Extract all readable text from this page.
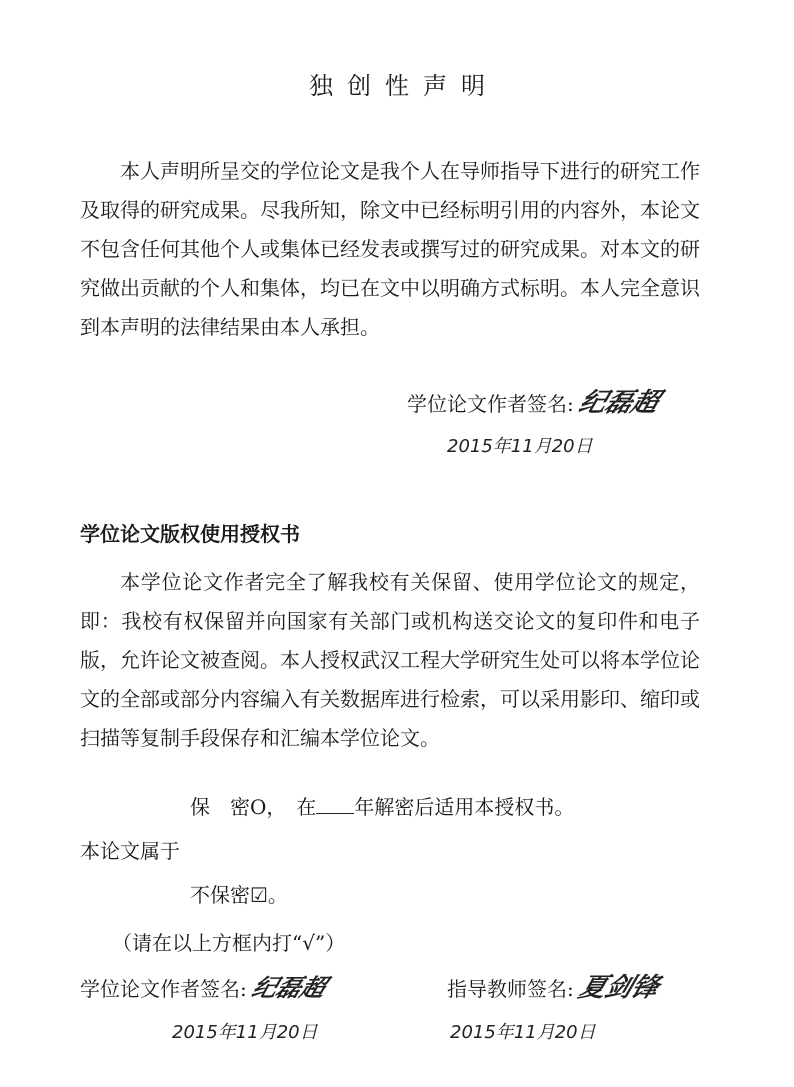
独创性声明
本人声明所呈交的学位论文是我个人在导师指导下进行的研究工作及取得的研究成果。尽我所知，除文中已经标明引用的内容外，本论文不包含任何其他个人或集体已经发表或撰写过的研究成果。对本文的研究做出贡献的个人和集体，均已在文中以明确方式标明。本人完全意识到本声明的法律结果由本人承担。
学位论文作者签名: 纪磊超
2015年11月20日
学位论文版权使用授权书
本学位论文作者完全了解我校有关保留、使用学位论文的规定，即：我校有权保留并向国家有关部门或机构送交论文的复印件和电子版，允许论文被查阅。本人授权武汉工程大学研究生处可以将本学位论文的全部或部分内容编入有关数据库进行检索，可以采用影印、缩印或扫描等复制手段保存和汇编本学位论文。
保　密O，　在 年解密后适用本授权书。
本论文属于
不保密☑。
（请在以上方框内打“√”）
学位论文作者签名: 纪磊超	指导教师签名: 夏剑锋
2015年11月20日	2015年11月20日
